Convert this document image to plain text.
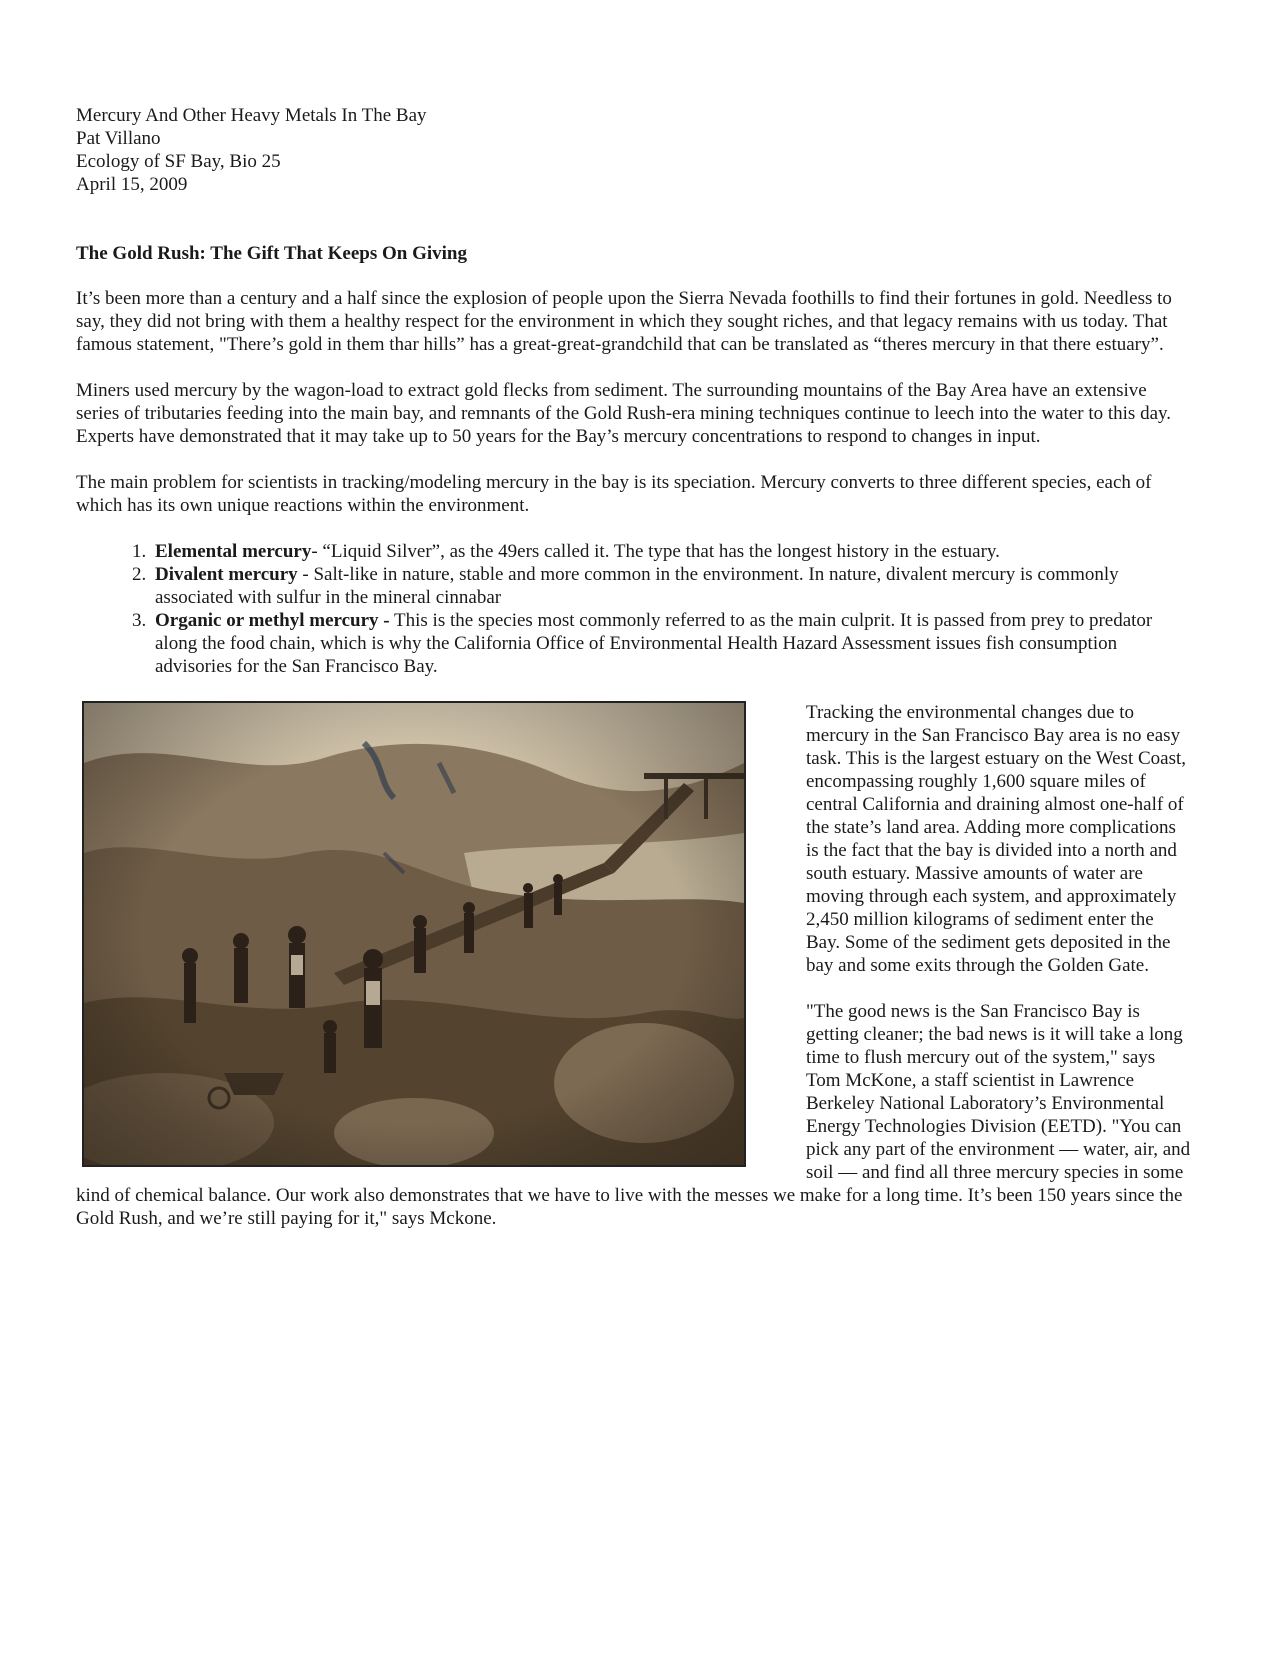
Mercury And Other Heavy Metals In The Bay
Pat Villano
Ecology of SF Bay, Bio 25
April 15, 2009
The Gold Rush: The Gift That Keeps On Giving

It’s been more than a century and a half since the explosion of people upon the Sierra Nevada foothills to find their fortunes in gold. Needless to say, they did not bring with them a healthy respect for the environment in which they sought riches, and that legacy remains with us today. That famous statement, "There’s gold in them thar hills” has a great-great-grandchild that can be translated as “theres mercury in that there estuary”.

Miners used mercury by the wagon-load to extract gold flecks from sediment. The surrounding mountains of the Bay Area have an extensive series of tributaries feeding into the main bay, and remnants of the Gold Rush-era mining techniques continue to leech into the water to this day. Experts have demonstrated that it may take up to 50 years for the Bay’s mercury concentrations to respond to changes in input.

The main problem for scientists in tracking/modeling mercury in the bay is its speciation. Mercury converts to three different species, each of which has its own unique reactions within the environment.

1. Elemental mercury- “Liquid Silver”, as the 49ers called it. The type that has the longest history in the estuary.
2. Divalent mercury - Salt-like in nature, stable and more common in the environment. In nature, divalent mercury is commonly associated with sulfur in the mineral cinnabar
3. Organic or methyl mercury - This is the species most commonly referred to as the main culprit. It is passed from prey to predator along the food chain, which is why the California Office of Environmental Health Hazard Assessment issues fish consumption advisories for the San Francisco Bay.

Tracking the environmental changes due to mercury in the San Francisco Bay area is no easy task. This is the largest estuary on the West Coast, encompassing roughly 1,600 square miles of central California and draining almost one-half of the state’s land area. Adding more complications is the fact that the bay is divided into a north and south estuary. Massive amounts of water are moving through each system, and approximately 2,450 million kilograms of sediment enter the Bay. Some of the sediment gets deposited in the bay and some exits through the Golden Gate.

"The good news is the San Francisco Bay is getting cleaner; the bad news is it will take a long time to flush mercury out of the system," says Tom McKone, a staff scientist in Lawrence Berkeley National Laboratory’s Environmental Energy Technologies Division (EETD). "You can pick any part of the environment — water, air, and soil — and find all three mercury species in some kind of chemical balance. Our work also demonstrates that we have to live with the messes we make for a long time. It’s been 150 years since the Gold Rush, and we’re still paying for it," says Mckone.
